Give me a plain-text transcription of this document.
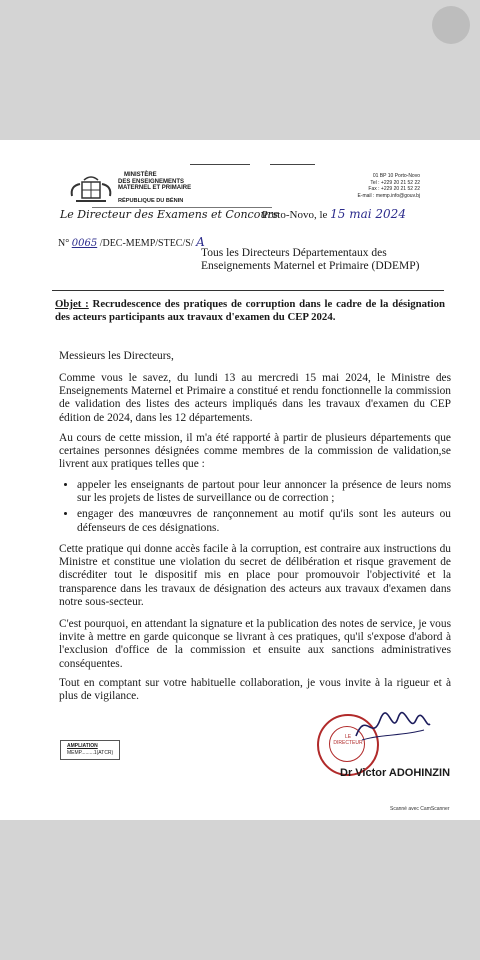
MINISTÈRE
DES ENSEIGNEMENTS
MATERNEL ET PRIMAIRE
RÉPUBLIQUE DU BÉNIN
01 BP 10 Porto-Novo
Tel : +229 20 21 52 22
Fax : +229 20 21 52 22
E-mail : memp.info@gouv.bj
Le Directeur des Examens et Concours
Porto-Novo, le 15 mai 2024
N° 0065 /DEC-MEMP/STEC/S/ A
Tous les Directeurs Départementaux des
Enseignements Maternel et Primaire (DDEMP)
Objet : Recrudescence des pratiques de corruption dans le cadre de la désignation des acteurs participants aux travaux d'examen du CEP 2024.
Messieurs les Directeurs,
Comme vous le savez, du lundi 13 au mercredi 15 mai 2024, le Ministre des Enseignements Maternel et Primaire a constitué et rendu fonctionnelle la commission de validation des listes des acteurs impliqués dans les travaux d'examen du CEP édition de 2024, dans les 12 départements.
Au cours de cette mission, il m'a été rapporté à partir de plusieurs départements que certaines personnes désignées comme membres de la commission de validation,se livrent aux pratiques telles que :
• appeler les enseignants de partout pour leur annoncer la présence de leurs noms sur les projets de listes de surveillance ou de correction ;
• engager des manœuvres de rançonnement au motif qu'ils sont les auteurs ou défenseurs de ces désignations.
Cette pratique qui donne accès facile à la corruption, est contraire aux instructions du Ministre et constitue une violation du secret de délibération et risque gravement de discréditer tout le dispositif mis en place pour promouvoir l'objectivité et la transparence dans les travaux de désignation des acteurs aux travaux d'examen dans notre sous-secteur.
C'est pourquoi, en attendant la signature et la publication des notes de service, je vous invite à mettre en garde quiconque se livrant à ces pratiques, qu'il s'expose d'abord à l'exclusion d'office de la commission et ensuite aux sanctions administratives conséquentes.
Tout en comptant sur votre habituelle collaboration, je vous invite à la rigueur et à plus de vigilance.
AMPLIATION
MEMP.........1(ATCR)
LE
DIRECTEUR
Dr Victor ADOHINZIN
Scanné avec CamScanner
